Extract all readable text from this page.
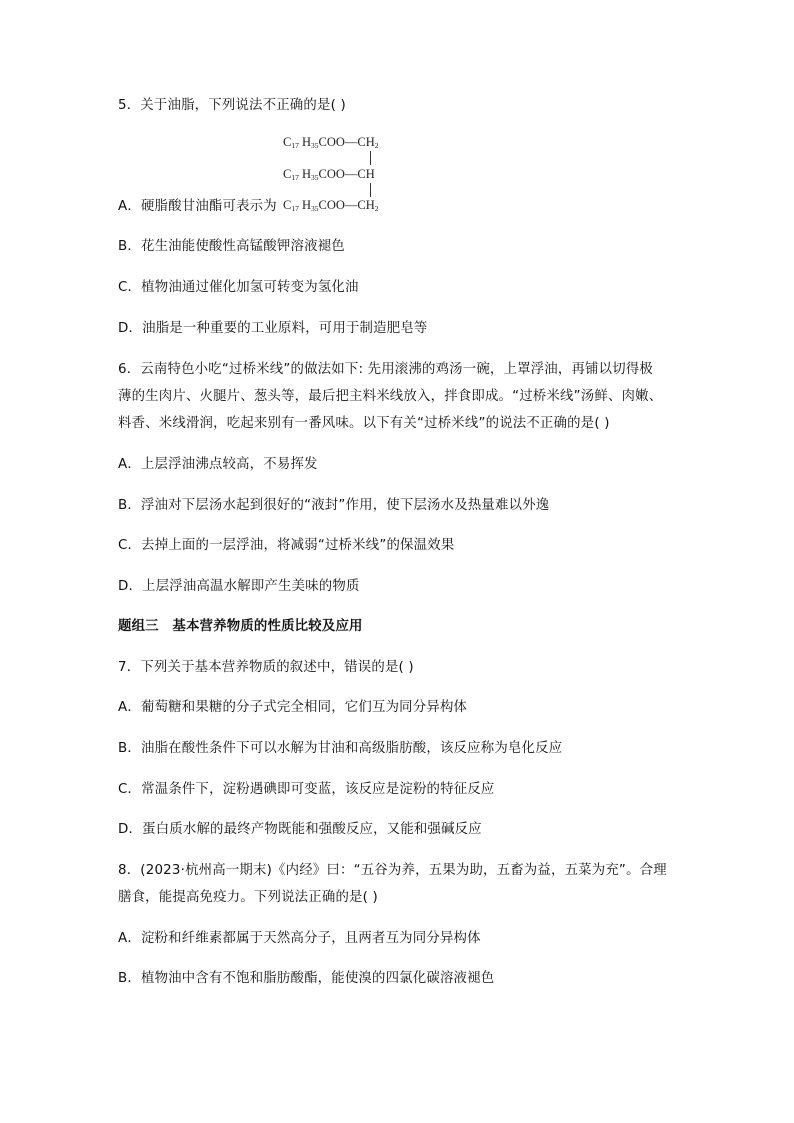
5．关于油脂，下列说法不正确的是( )
$C_{17}$ $H_{35}COO—CH_2$
$C_{17}$ $H_{35}COO—CH$
$C_{17}$ $H_{35}COO—CH_2$
A．硬脂酸甘油酯可表示为
B．花生油能使酸性高锰酸钾溶液褪色
C．植物油通过催化加氢可转变为氢化油
D．油脂是一种重要的工业原料，可用于制造肥皂等
6．云南特色小吃“过桥米线”的做法如下: 先用滚沸的鸡汤一碗，上罩浮油，再铺以切得极
薄的生肉片、火腿片、葱头等，最后把主料米线放入，拌食即成。“过桥米线”汤鲜、肉嫩、
料香、米线滑润，吃起来别有一番风味。以下有关“过桥米线”的说法不正确的是( )
A．上层浮油沸点较高，不易挥发
B．浮油对下层汤水起到很好的“液封”作用，使下层汤水及热量难以外逸
C．去掉上面的一层浮油，将减弱“过桥米线”的保温效果
D．上层浮油高温水解即产生美味的物质
题组三　基本营养物质的性质比较及应用
7．下列关于基本营养物质的叙述中，错误的是( )
A．葡萄糖和果糖的分子式完全相同，它们互为同分异构体
B．油脂在酸性条件下可以水解为甘油和高级脂肪酸，该反应称为皂化反应
C．常温条件下，淀粉遇碘即可变蓝，该反应是淀粉的特征反应
D．蛋白质水解的最终产物既能和强酸反应，又能和强碱反应
8．(2023·杭州高一期末)《内经》曰：“五谷为养，五果为助，五畜为益，五菜为充”。合理
膳食，能提高免疫力。下列说法正确的是( )
A．淀粉和纤维素都属于天然高分子，且两者互为同分异构体
B．植物油中含有不饱和脂肪酸酯，能使溴的四氯化碳溶液褪色
